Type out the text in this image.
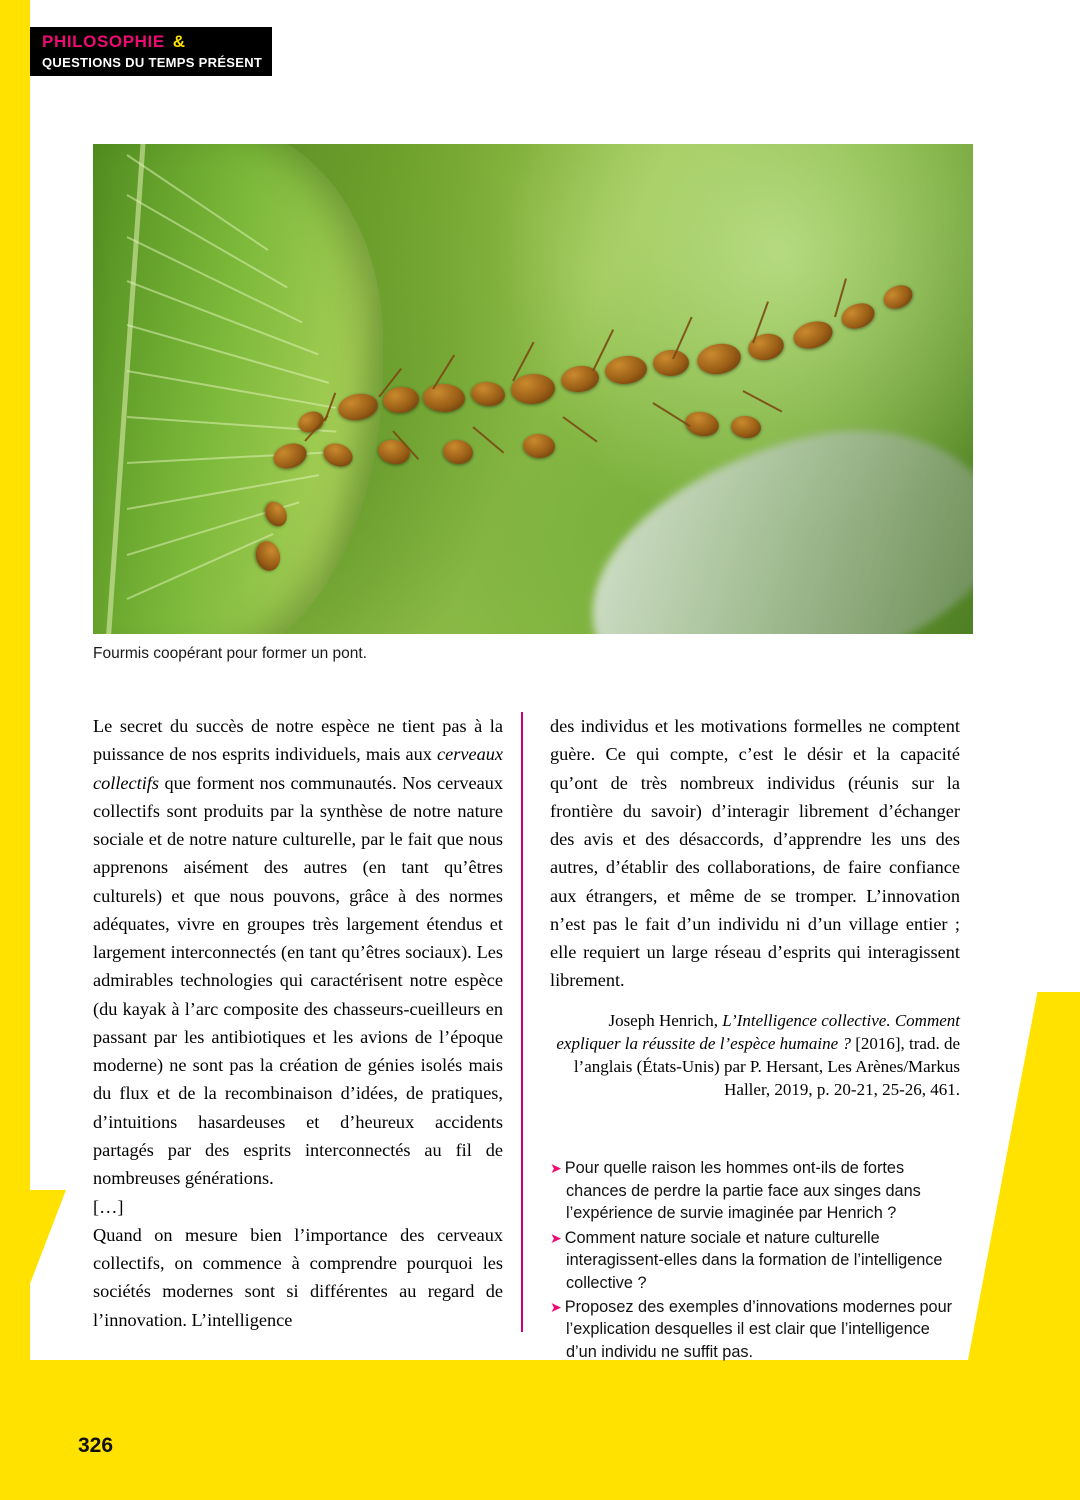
PHILOSOPHIE &
QUESTIONS DU TEMPS PRÉSENT
Fourmis coopérant pour former un pont.

Le secret du succès de notre espèce ne tient pas à la puissance de nos esprits individuels, mais aux cerveaux collectifs que forment nos communautés. Nos cerveaux collectifs sont produits par la synthèse de notre nature sociale et de notre nature culturelle, par le fait que nous apprenons aisément des autres (en tant qu’êtres culturels) et que nous pouvons, grâce à des normes adéquates, vivre en groupes très largement étendus et largement interconnectés (en tant qu’êtres sociaux). Les admirables technologies qui caractérisent notre espèce (du kayak à l’arc composite des chasseurs-cueilleurs en passant par les antibiotiques et les avions de l’époque moderne) ne sont pas la création de génies isolés mais du flux et de la recombinaison d’idées, de pratiques, d’intuitions hasardeuses et d’heureux accidents partagés par des esprits interconnectés au fil de nombreuses générations.

[…]

Quand on mesure bien l’importance des cerveaux collectifs, on commence à comprendre pourquoi les sociétés modernes sont si différentes au regard de l’innovation. L’intelligence

des individus et les motivations formelles ne comptent guère. Ce qui compte, c’est le désir et la capacité qu’ont de très nombreux individus (réunis sur la frontière du savoir) d’interagir librement d’échanger des avis et des désaccords, d’apprendre les uns des autres, d’établir des collaborations, de faire confiance aux étrangers, et même de se tromper. L’innovation n’est pas le fait d’un individu ni d’un village entier ; elle requiert un large réseau d’esprits qui interagissent librement.

Joseph Henrich, L’Intelligence collective. Comment expliquer la réussite de l’espèce humaine ? [2016], trad. de l’anglais (États-Unis) par P. Hersant, Les Arènes/Markus Haller, 2019, p. 20-21, 25-26, 461.
➤ Pour quelle raison les hommes ont-ils de fortes chances de perdre la partie face aux singes dans l’expérience de survie imaginée par Henrich ?
➤ Comment nature sociale et nature culturelle interagissent-elles dans la formation de l’intelligence collective ?
➤ Proposez des exemples d’innovations modernes pour l’explication desquelles il est clair que l’intelligence d’un individu ne suffit pas.
326
